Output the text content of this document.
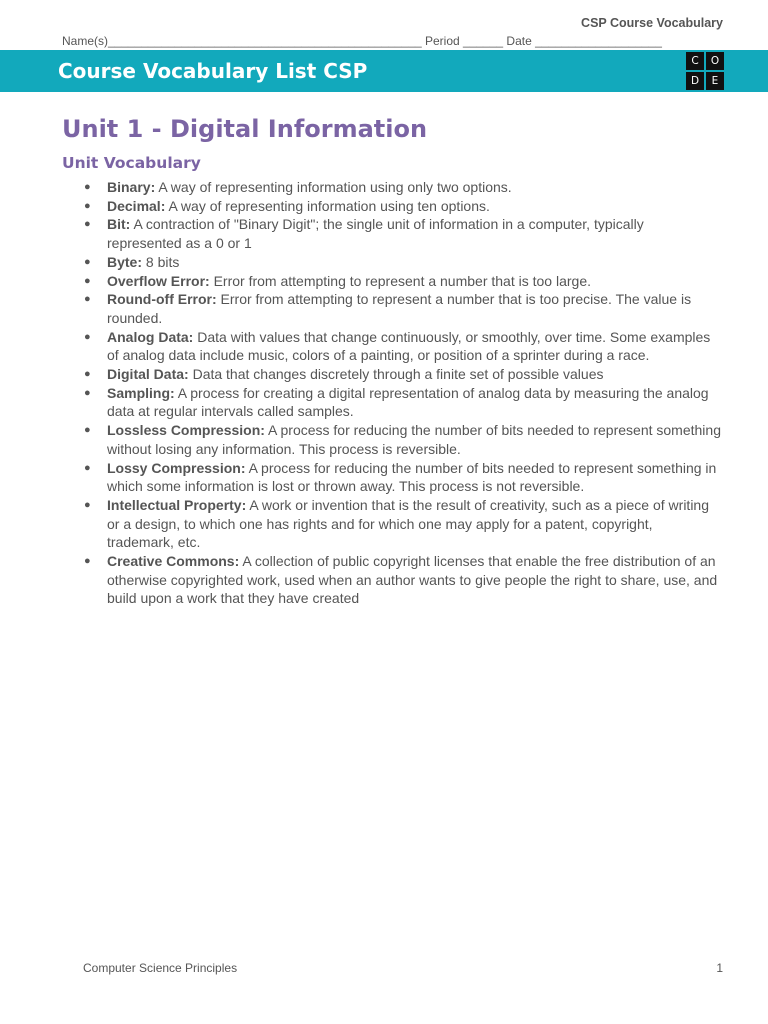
CSP Course Vocabulary
Name(s)_______________________________________________ Period ______ Date ___________________
Course Vocabulary List CSP	C	O
D	E
Unit 1 - Digital Information
Unit Vocabulary
● Binary: A way of representing information using only two options.
● Decimal: A way of representing information using ten options.
● Bit: A contraction of "Binary Digit"; the single unit of information in a computer, typically represented as a 0 or 1
● Byte: 8 bits
● Overflow Error: Error from attempting to represent a number that is too large.
● Round-off Error: Error from attempting to represent a number that is too precise. The value is rounded.
● Analog Data: Data with values that change continuously, or smoothly, over time. Some examples of analog data include music, colors of a painting, or position of a sprinter during a race.
● Digital Data: Data that changes discretely through a finite set of possible values
● Sampling: A process for creating a digital representation of analog data by measuring the analog data at regular intervals called samples.
● Lossless Compression: A process for reducing the number of bits needed to represent something without losing any information. This process is reversible.
● Lossy Compression: A process for reducing the number of bits needed to represent something in which some information is lost or thrown away. This process is not reversible.
● Intellectual Property: A work or invention that is the result of creativity, such as a piece of writing or a design, to which one has rights and for which one may apply for a patent, copyright, trademark, etc.
● Creative Commons: A collection of public copyright licenses that enable the free distribution of an otherwise copyrighted work, used when an author wants to give people the right to share, use, and build upon a work that they have created
Computer Science Principles	1
